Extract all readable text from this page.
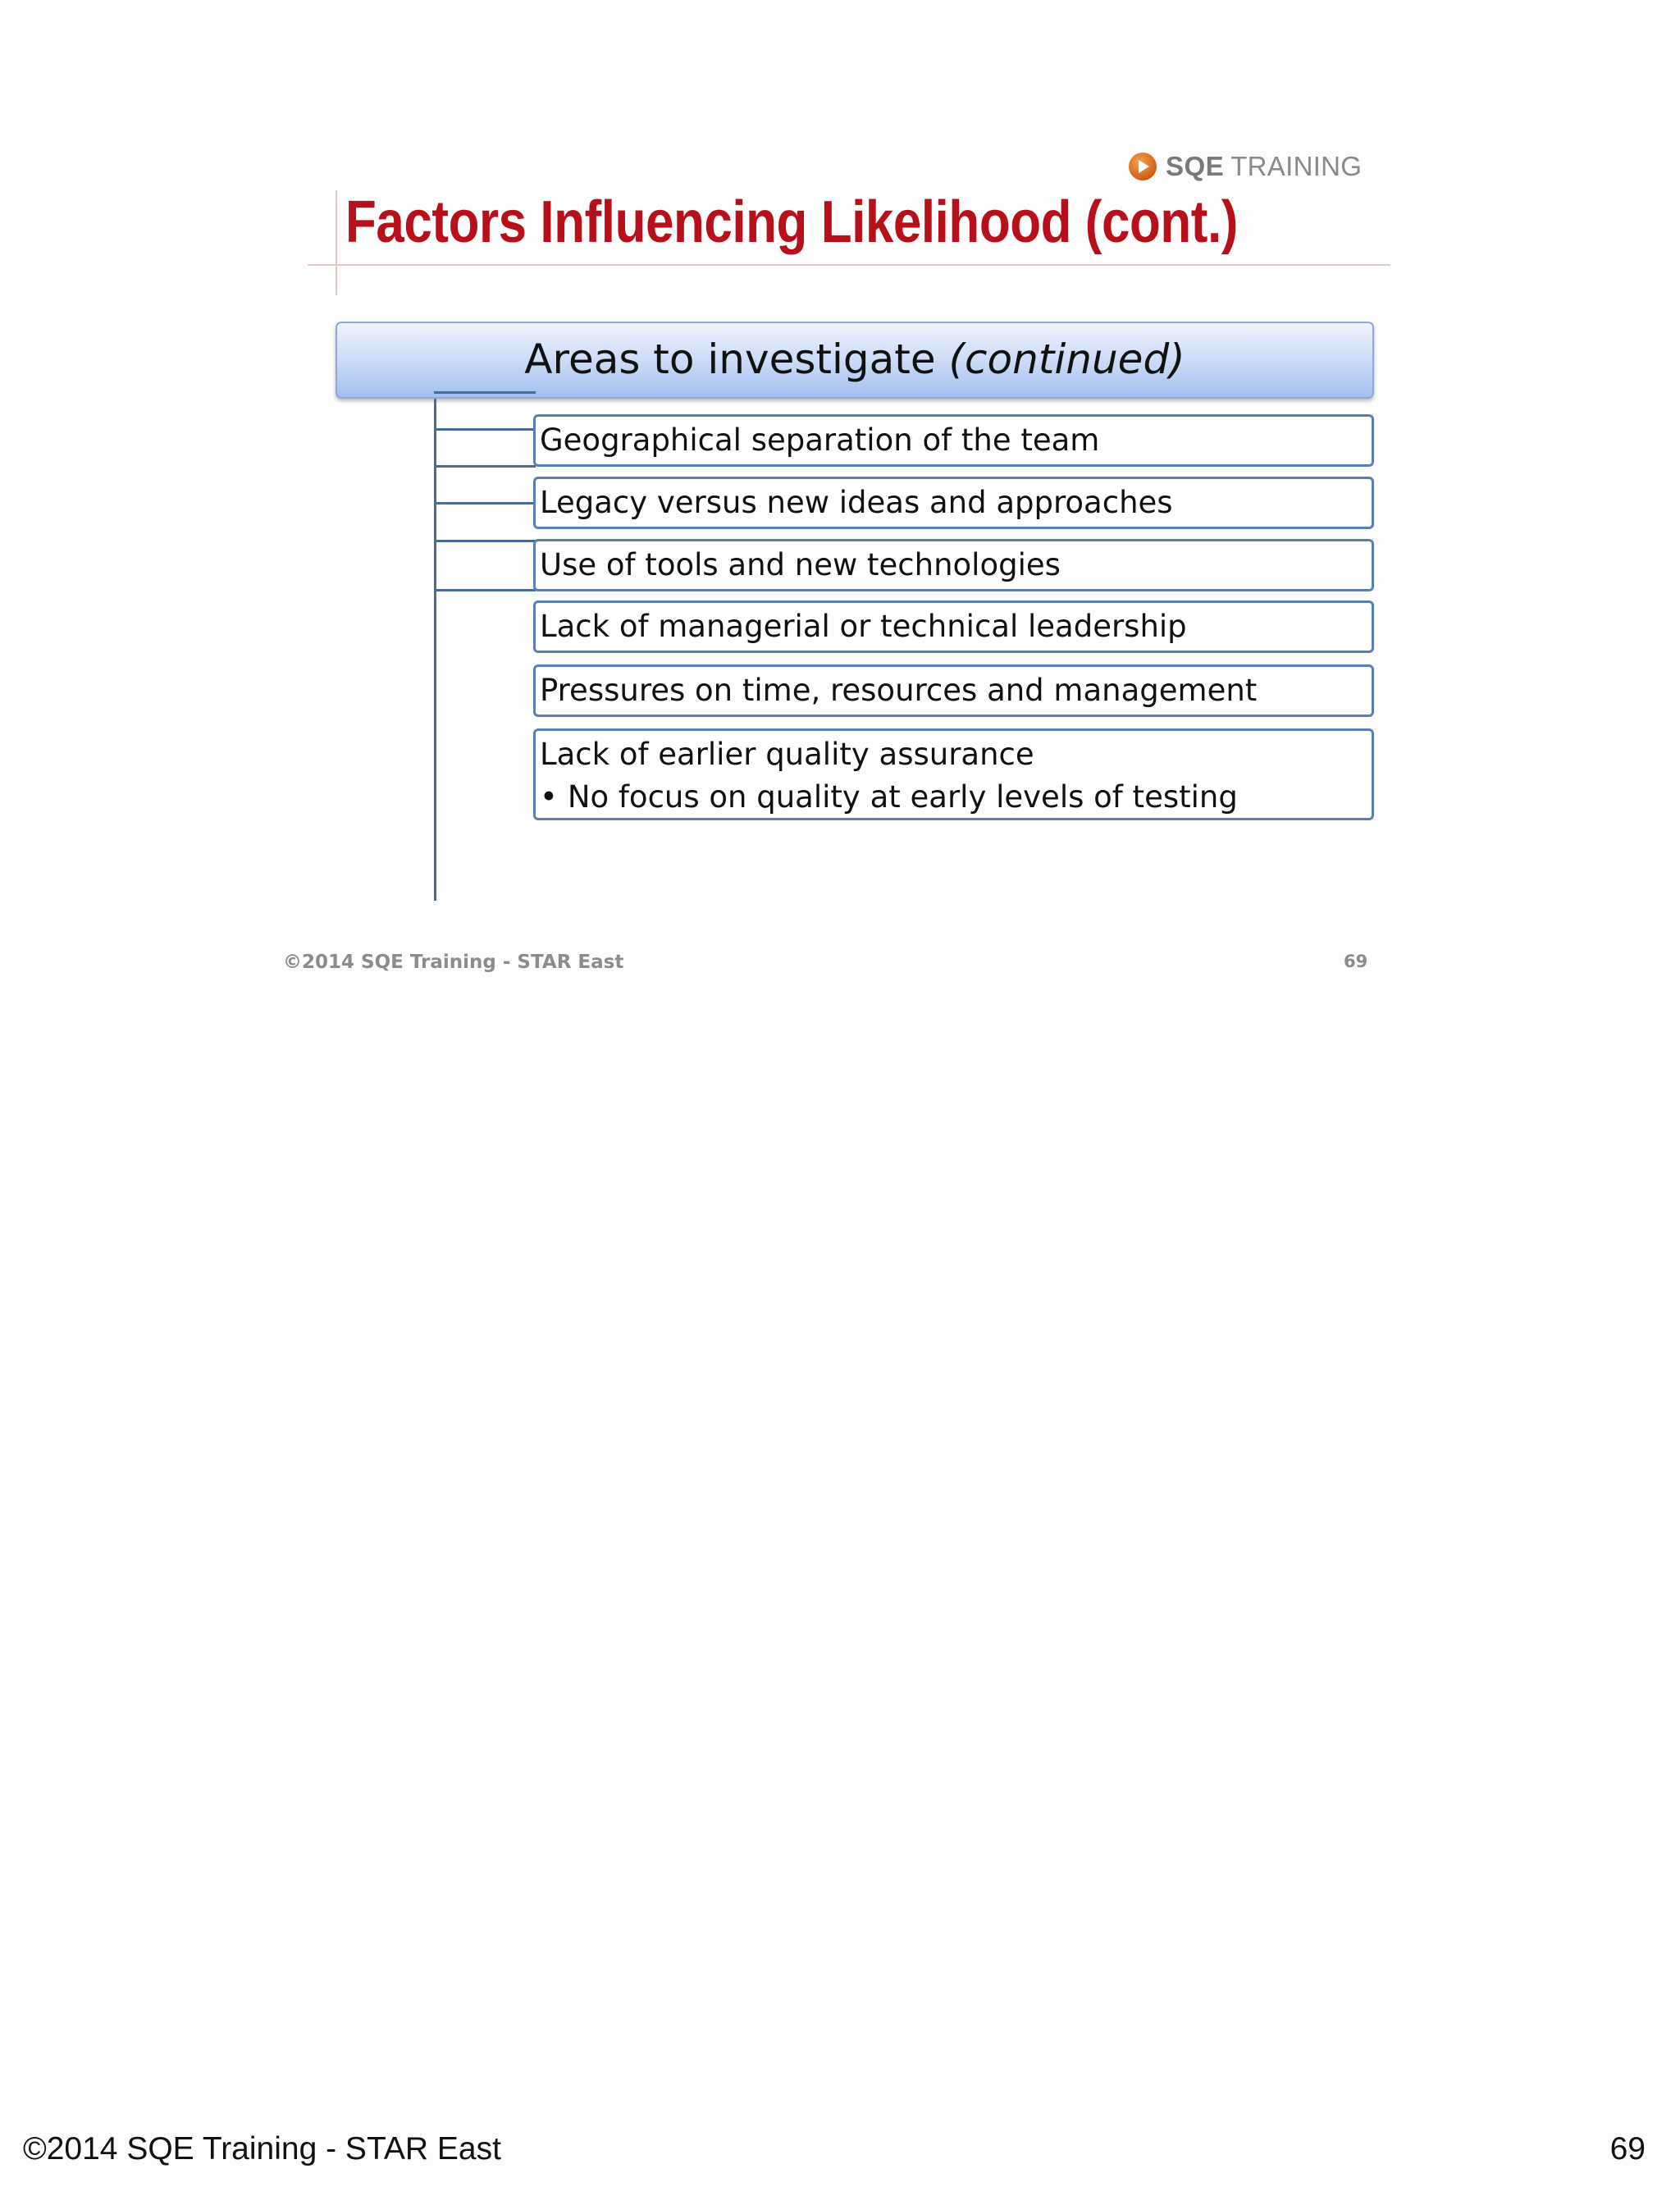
SQE TRAINING
Factors Influencing Likelihood (cont.)
Areas to investigate (continued)
Geographical separation of the team
Legacy versus new ideas and approaches
Use of tools and new technologies
Lack of managerial or technical leadership
Pressures on time, resources and management
Lack of earlier quality assurance
• No focus on quality at early levels of testing
©2014 SQE Training - STAR East	69
©2014 SQE Training - STAR East	69
